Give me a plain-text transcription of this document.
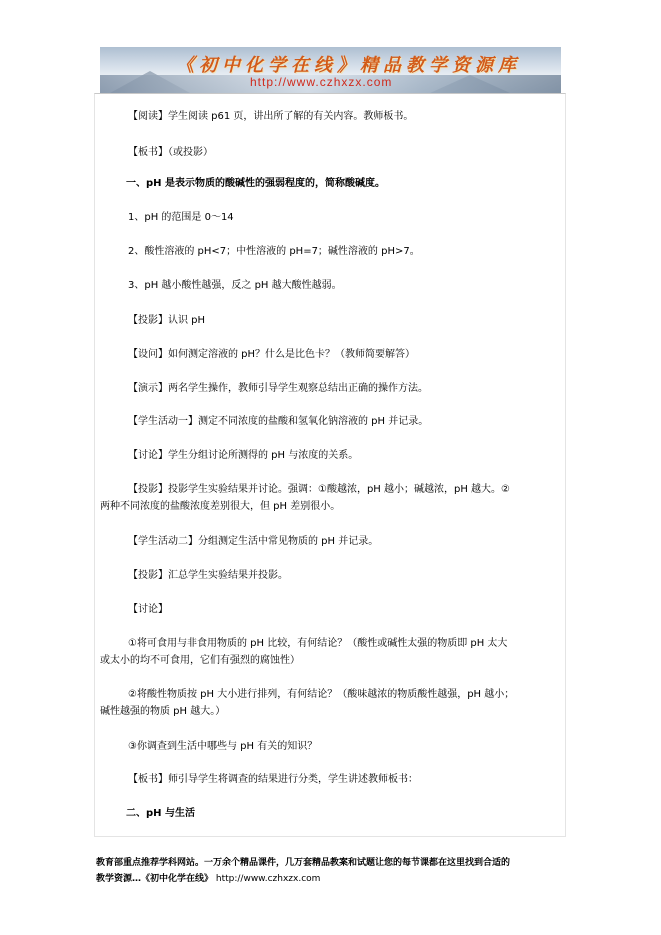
《初中化学在线》精品教学资源库
http://www.czhxzx.com

【阅读】学生阅读 p61 页，讲出所了解的有关内容。教师板书。

【板书】（或投影）

一、pH 是表示物质的酸碱性的强弱程度的，简称酸碱度。

1、pH 的范围是 0～14

2、酸性溶液的 pH<7；中性溶液的 pH=7；碱性溶液的 pH>7。

3、pH 越小酸性越强，反之 pH 越大酸性越弱。

【投影】认识 pH

【设问】如何测定溶液的 pH？什么是比色卡？（教师简要解答）

【演示】两名学生操作，教师引导学生观察总结出正确的操作方法。

【学生活动一】测定不同浓度的盐酸和氢氧化钠溶液的 pH 并记录。

【讨论】学生分组讨论所测得的 pH 与浓度的关系。

【投影】投影学生实验结果并讨论。强调：①酸越浓，pH 越小；碱越浓，pH 越大。②

两种不同浓度的盐酸浓度差别很大，但 pH 差别很小。

【学生活动二】分组测定生活中常见物质的 pH 并记录。

【投影】汇总学生实验结果并投影。

【讨论】

①将可食用与非食用物质的 pH 比较，有何结论？（酸性或碱性太强的物质即 pH 太大

或太小的均不可食用，它们有强烈的腐蚀性）

②将酸性物质按 pH 大小进行排列，有何结论？（酸味越浓的物质酸性越强，pH 越小；

碱性越强的物质 pH 越大。）

③你调查到生活中哪些与 pH 有关的知识？

【板书】师引导学生将调查的结果进行分类，学生讲述教师板书：

二、pH 与生活

教育部重点推荐学科网站。一万余个精品课件，几万套精品教案和试题让您的每节课都在这里找到合适的
教学资源…《初中化学在线》 http://www.czhxzx.com
